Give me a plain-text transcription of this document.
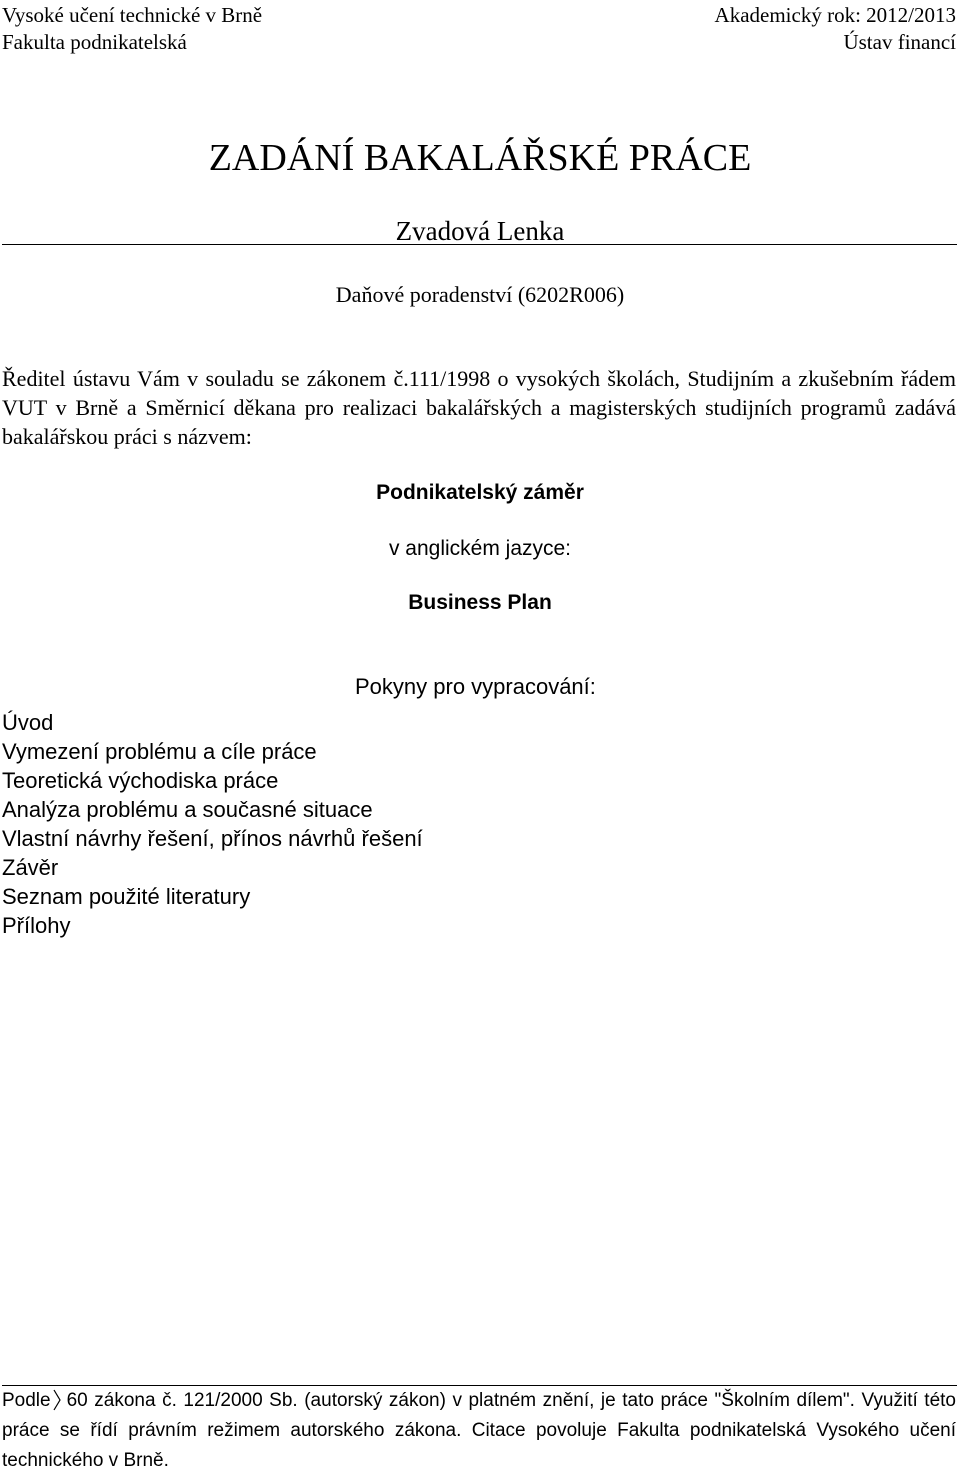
Vysoké učení technické v Brně	Akademický rok: 2012/2013
Fakulta podnikatelská	Ústav financí
ZADÁNÍ BAKALÁŘSKÉ PRÁCE
Zvadová Lenka
Daňové poradenství (6202R006)
Ředitel ústavu Vám v souladu se zákonem č.111/1998 o vysokých školách, Studijním a zkušebním řádem VUT v Brně a Směrnicí děkana pro realizaci bakalářských a magisterských studijních programů zadává bakalářskou práci s názvem:
Podnikatelský záměr
v anglickém jazyce:
Business Plan
Pokyny pro vypracování:
Úvod
Vymezení problému a cíle práce
Teoretická východiska práce
Analýza problému a současné situace
Vlastní návrhy řešení, přínos návrhů řešení
Závěr
Seznam použité literatury
Přílohy
Podle 60 zákona č. 121/2000 Sb. (autorský zákon) v platném znění, je tato práce "Školním dílem". Využití této práce se řídí právním režimem autorského zákona. Citace povoluje Fakulta podnikatelská Vysokého učení technického v Brně.
